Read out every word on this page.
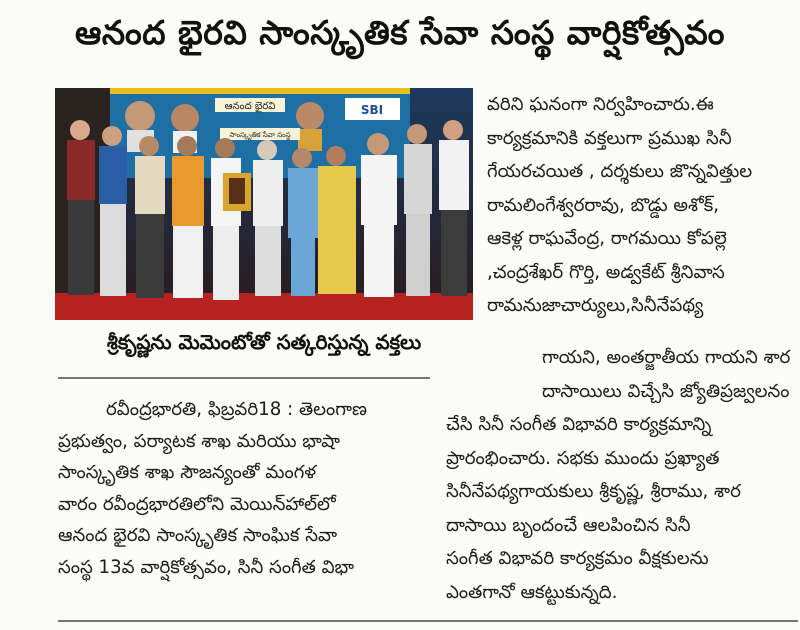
ఆనంద భైరవి సాంస్కృతిక సేవా సంస్థ వార్షికోత్సవం
ఆనంద భైరవి
సాంస్కృతిక సేవా సంస్థ
SBI
శ్రీకృష్ణను మెమెంటోతో సత్కరిస్తున్న వక్తలు
రవీంద్రభారతి, ఫిబ్రవరి18 : తెలంగాణ
ప్రభుత్వం, పర్యాటక శాఖ మరియు భాషా
సాంస్కృతిక శాఖ సౌజన్యంతో మంగళ
వారం రవీంద్రభారతిలోని మెయిన్‌హాల్‌లో
ఆనంద భైరవి సాంస్కృతిక సాంఘిక సేవా
సంస్థ 13వ వార్షికోత్సవం, సినీ సంగీత విభా
వరిని ఘనంగా నిర్వహించారు.ఈ
కార్యక్రమానికి వక్తలుగా ప్రముఖ సినీ
గేయరచయిత , దర్శకులు జొన్నవిత్తుల
రామలింగేశ్వరరావు, బొడ్డు అశోక్,
ఆకెళ్ల రాఘవేంద్ర, రాగమయి కోపల్లె
,చంద్రశేఖర్ గొర్తి, అడ్వకేట్ శ్రీనివాస
రామనుజాచార్యులు,సినీనేపథ్య
గాయని, అంతర్జాతీయ గాయని శార
దాసాయిలు విచ్చేసి జ్యోతిప్రజ్వలనం
చేసి సినీ సంగీత విభావరి కార్యక్రమాన్ని
ప్రారంభించారు. సభకు ముందు ప్రఖ్యాత
సినీనేపథ్యగాయకులు శ్రీకృష్ణ, శ్రీరాము, శార
దాసాయి బృందంచే ఆలపించిన సినీ
సంగీత విభావరి కార్యక్రమం వీక్షకులను
ఎంతగానో ఆకట్టుకున్నది.
